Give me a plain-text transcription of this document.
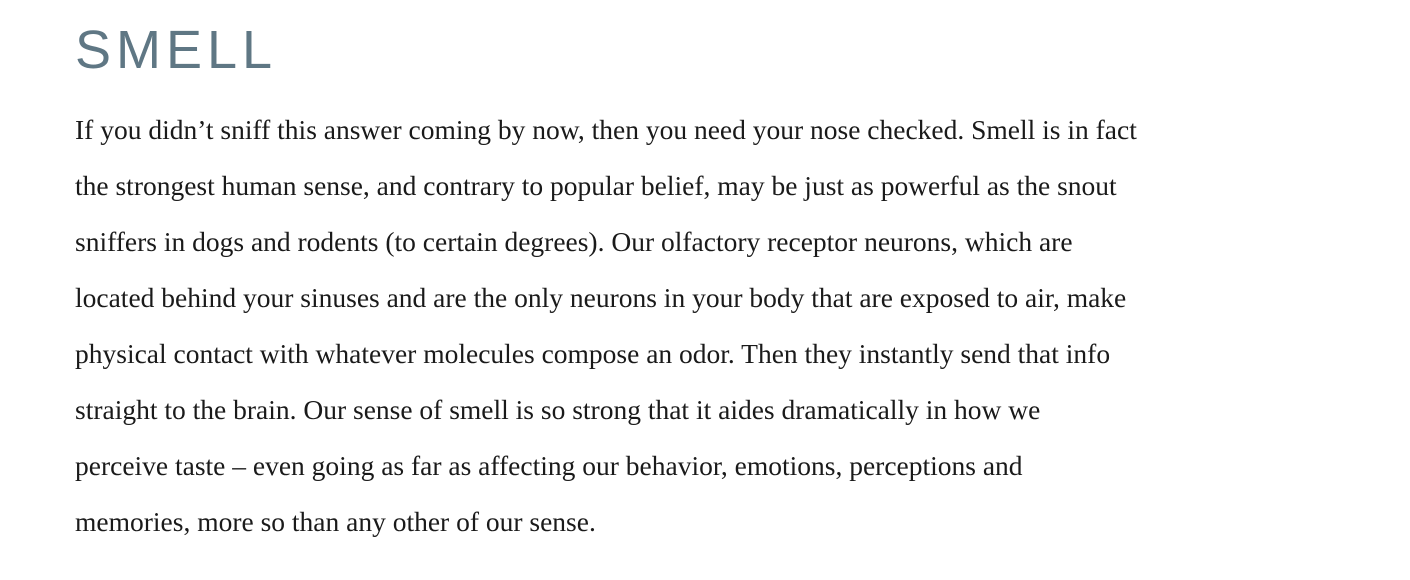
SMELL

If you didn’t sniff this answer coming by now, then you need your nose checked. Smell is in fact
the strongest human sense, and contrary to popular belief, may be just as powerful as the snout
sniffers in dogs and rodents (to certain degrees). Our olfactory receptor neurons, which are
located behind your sinuses and are the only neurons in your body that are exposed to air, make
physical contact with whatever molecules compose an odor. Then they instantly send that info
straight to the brain. Our sense of smell is so strong that it aides dramatically in how we
perceive taste – even going as far as affecting our behavior, emotions, perceptions and
memories, more so than any other of our sense.
